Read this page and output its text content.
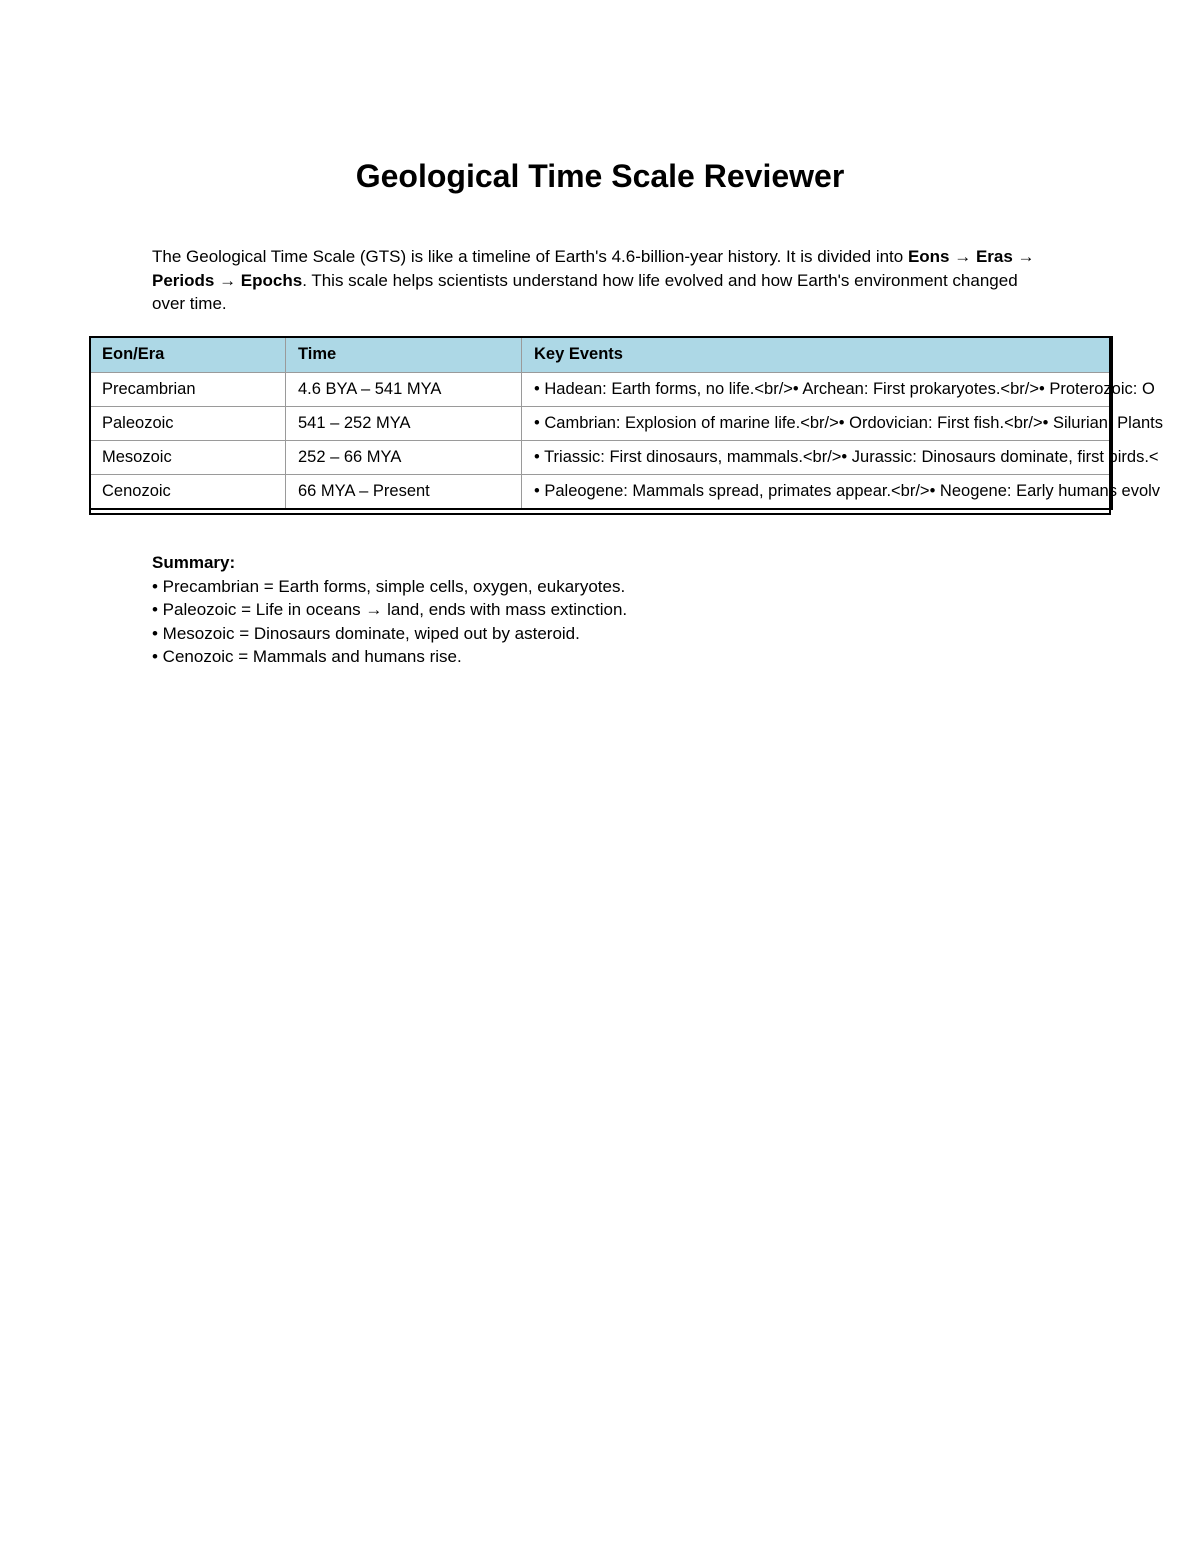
Geological Time Scale Reviewer

The Geological Time Scale (GTS) is like a timeline of Earth's 4.6-billion-year history. It is divided into Eons → Eras → Periods → Epochs. This scale helps scientists understand how life evolved and how Earth's environment changed over time.

Eon/Era	Time	Key Events
Precambrian	4.6 BYA – 541 MYA	• Hadean: Earth forms, no life.<br/>• Archean: First prokaryotes.<br/>• Proterozoic: O
Paleozoic	541 – 252 MYA	• Cambrian: Explosion of marine life.<br/>• Ordovician: First fish.<br/>• Silurian: Plants
Mesozoic	252 – 66 MYA	• Triassic: First dinosaurs, mammals.<br/>• Jurassic: Dinosaurs dominate, first birds.<
Cenozoic	66 MYA – Present	• Paleogene: Mammals spread, primates appear.<br/>• Neogene: Early humans evolv
Summary:
• Precambrian = Earth forms, simple cells, oxygen, eukaryotes.
• Paleozoic = Life in oceans → land, ends with mass extinction.
• Mesozoic = Dinosaurs dominate, wiped out by asteroid.
• Cenozoic = Mammals and humans rise.
